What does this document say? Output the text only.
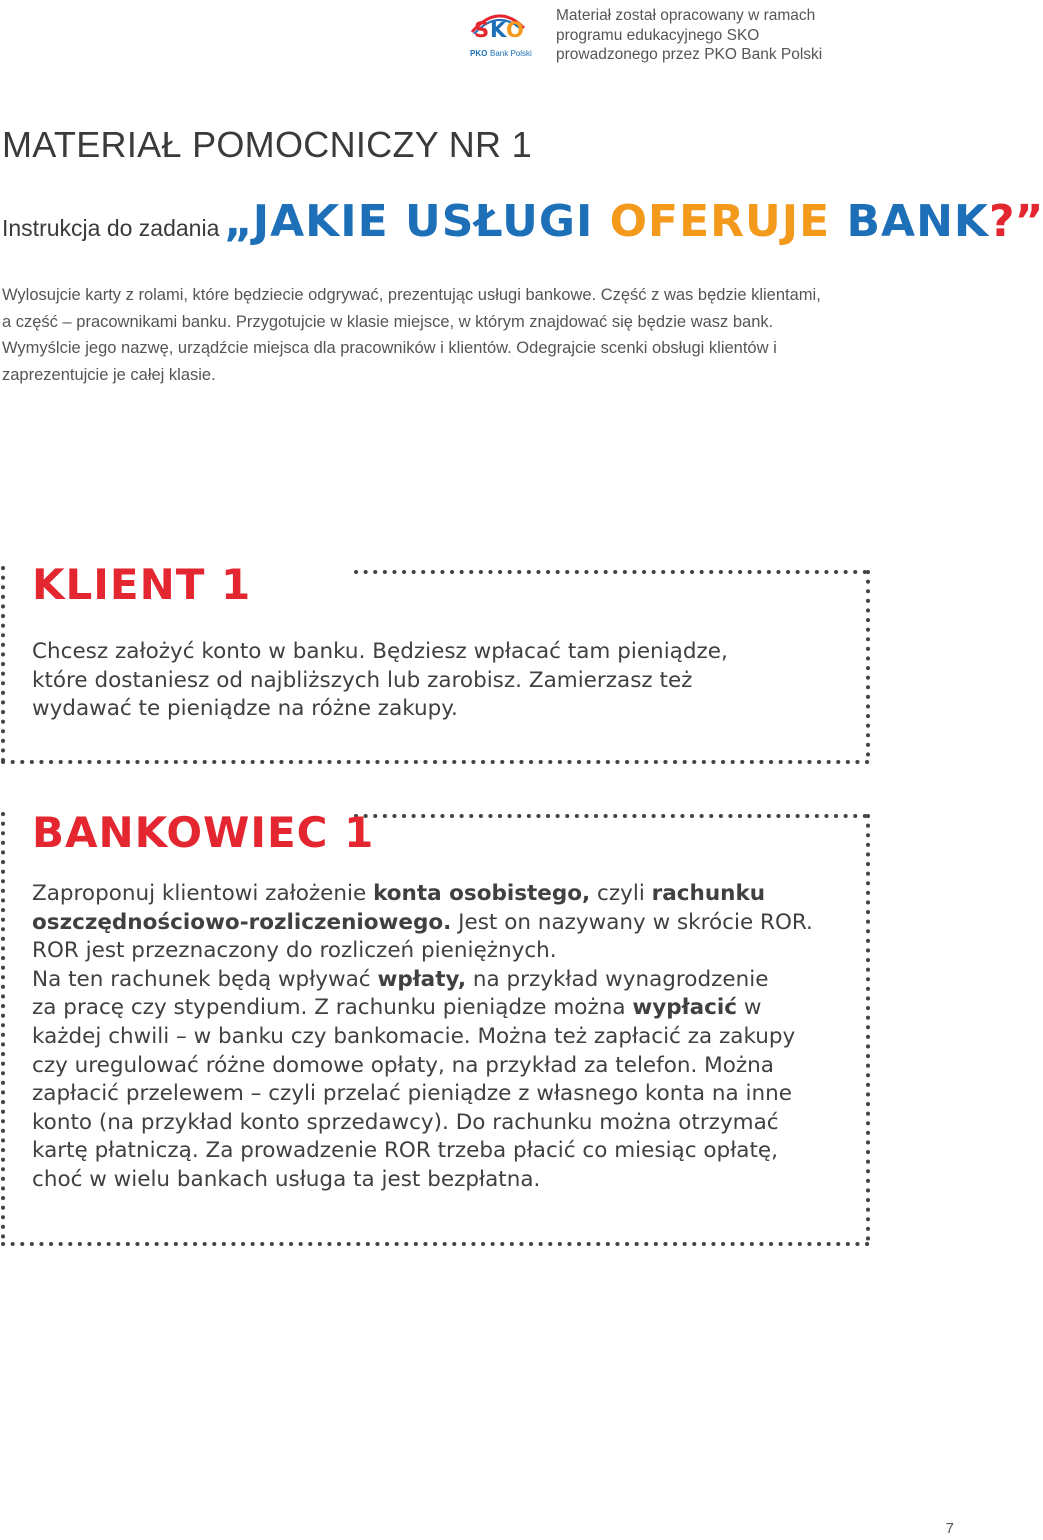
S K O
PKO Bank Polski
Materiał został opracowany w ramach
programu edukacyjnego SKO
prowadzonego przez PKO Bank Polski
MATERIAŁ POMOCNICZY NR 1
Instrukcja do zadania „JAKIE USŁUGI OFERUJE BANK?”
Wylosujcie karty z rolami, które będziecie odgrywać, prezentując usługi bankowe. Część z was będzie klientami,
a część – pracownikami banku. Przygotujcie w klasie miejsce, w którym znajdować się będzie wasz bank.
Wymyślcie jego nazwę, urządźcie miejsca dla pracowników i klientów. Odegrajcie scenki obsługi klientów i
zaprezentujcie je całej klasie.
KLIENT 1
Chcesz założyć konto w banku. Będziesz wpłacać tam pieniądze,
które dostaniesz od najbliższych lub zarobisz. Zamierzasz też
wydawać te pieniądze na różne zakupy.
BANKOWIEC 1
Zaproponuj klientowi założenie konta osobistego, czyli rachunku
oszczędnościowo-rozliczeniowego. Jest on nazywany w skrócie ROR.
ROR jest przeznaczony do rozliczeń pieniężnych.
Na ten rachunek będą wpływać wpłaty, na przykład wynagrodzenie
za pracę czy stypendium. Z rachunku pieniądze można wypłacić w
każdej chwili – w banku czy bankomacie. Można też zapłacić za zakupy
czy uregulować różne domowe opłaty, na przykład za telefon. Można
zapłacić przelewem – czyli przelać pieniądze z własnego konta na inne
konto (na przykład konto sprzedawcy). Do rachunku można otrzymać
kartę płatniczą. Za prowadzenie ROR trzeba płacić co miesiąc opłatę,
choć w wielu bankach usługa ta jest bezpłatna.
7
